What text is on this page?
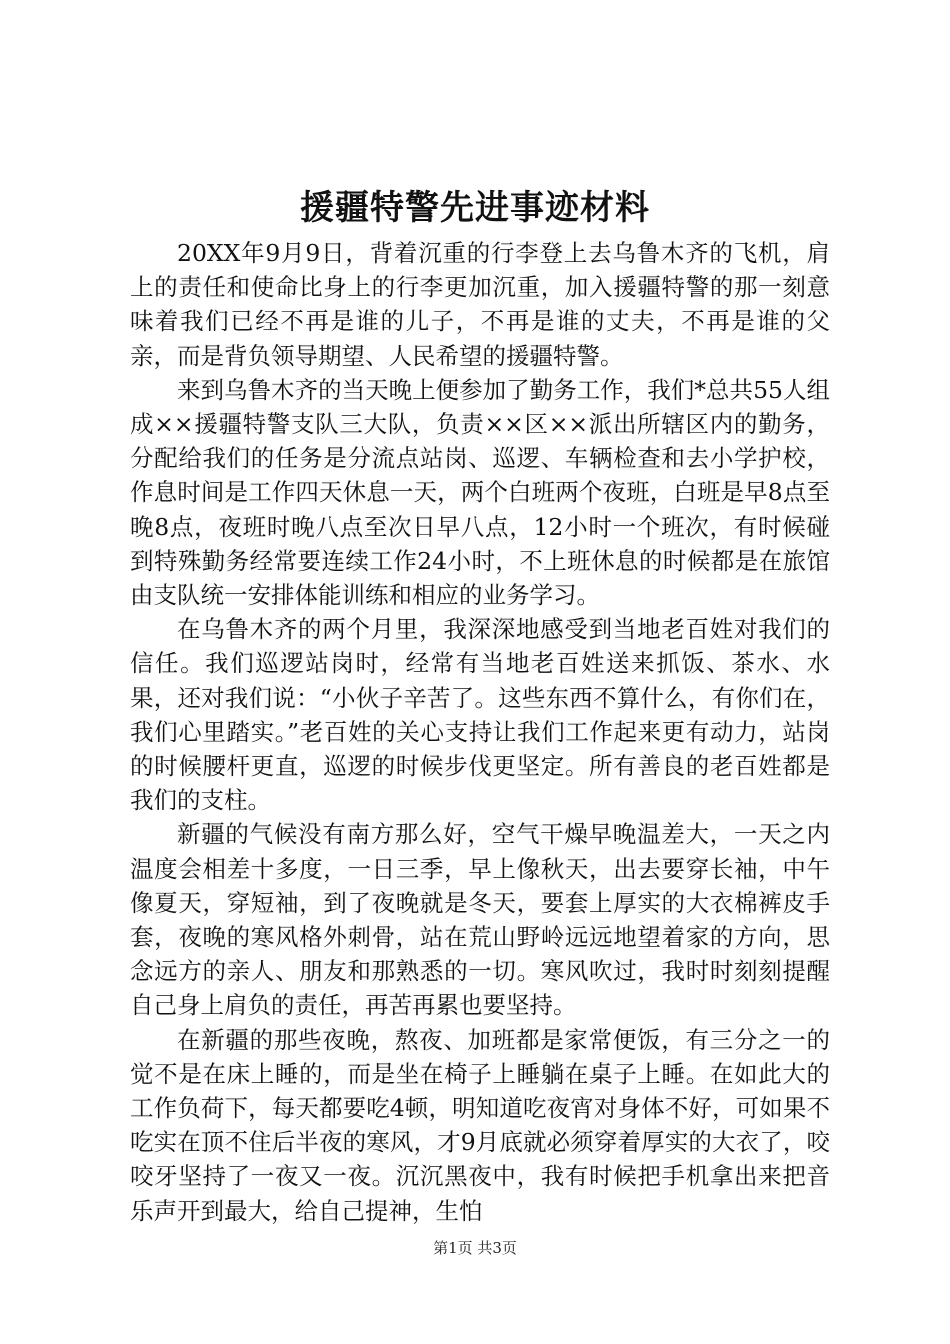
援疆特警先进事迹材料

20XX年9月9日，背着沉重的行李登上去乌鲁木齐的飞机，肩上的责任和使命比身上的行李更加沉重，加入援疆特警的那一刻意味着我们已经不再是谁的儿子，不再是谁的丈夫，不再是谁的父亲，而是背负领导期望、人民希望的援疆特警。

来到乌鲁木齐的当天晚上便参加了勤务工作，我们*总共55人组成××援疆特警支队三大队，负责××区××派出所辖区内的勤务，分配给我们的任务是分流点站岗、巡逻、车辆检查和去小学护校，作息时间是工作四天休息一天，两个白班两个夜班，白班是早8点至晚8点，夜班时晚八点至次日早八点，12小时一个班次，有时候碰到特殊勤务经常要连续工作24小时，不上班休息的时候都是在旅馆由支队统一安排体能训练和相应的业务学习。

在乌鲁木齐的两个月里，我深深地感受到当地老百姓对我们的信任。我们巡逻站岗时，经常有当地老百姓送来抓饭、茶水、水果，还对我们说：“小伙子辛苦了。这些东西不算什么，有你们在，我们心里踏实。”老百姓的关心支持让我们工作起来更有动力，站岗的时候腰杆更直，巡逻的时候步伐更坚定。所有善良的老百姓都是我们的支柱。

新疆的气候没有南方那么好，空气干燥早晚温差大，一天之内温度会相差十多度，一日三季，早上像秋天，出去要穿长袖，中午像夏天，穿短袖，到了夜晚就是冬天，要套上厚实的大衣棉裤皮手套，夜晚的寒风格外刺骨，站在荒山野岭远远地望着家的方向，思念远方的亲人、朋友和那熟悉的一切。寒风吹过，我时时刻刻提醒自己身上肩负的责任，再苦再累也要坚持。

在新疆的那些夜晚，熬夜、加班都是家常便饭，有三分之一的觉不是在床上睡的，而是坐在椅子上睡躺在桌子上睡。在如此大的工作负荷下，每天都要吃4顿，明知道吃夜宵对身体不好，可如果不吃实在顶不住后半夜的寒风，才9月底就必须穿着厚实的大衣了，咬咬牙坚持了一夜又一夜。沉沉黑夜中，我有时候把手机拿出来把音乐声开到最大，给自己提神，生怕

第1页 共3页
